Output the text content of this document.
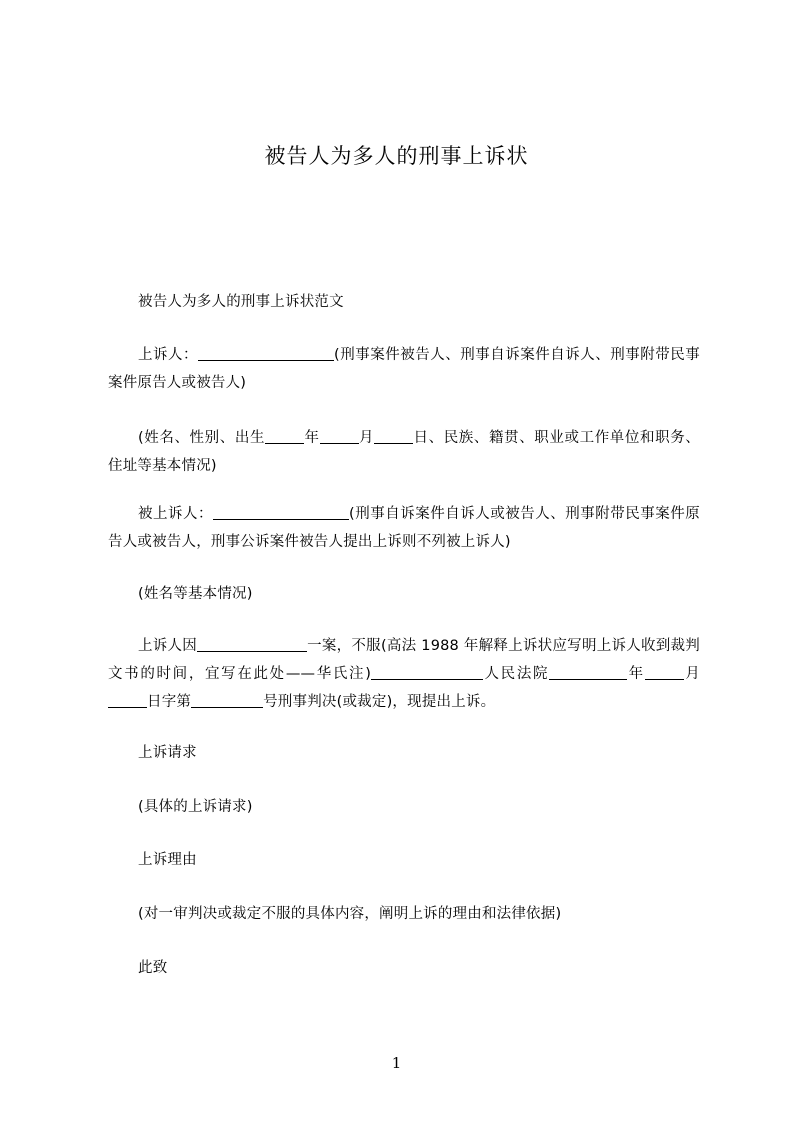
被告人为多人的刑事上诉状
被告人为多人的刑事上诉状范文
上诉人：	(刑事案件被告人、刑事自诉案件自诉人、刑事附带民事案件原告人或被告人)
(姓名、性别、出生	年	月	日、民族、籍贯、职业或工作单位和职务、住址等基本情况)
被上诉人：	(刑事自诉案件自诉人或被告人、刑事附带民事案件原告人或被告人，刑事公诉案件被告人提出上诉则不列被上诉人)
(姓名等基本情况)
上诉人因	一案，不服(高法 1988 年解释上诉状应写明上诉人收到裁判文书的时间，宜写在此处——华氏注)	人民法院	年	月日字第	号刑事判决(或裁定)，现提出上诉。
上诉请求
(具体的上诉请求)
上诉理由
(对一审判决或裁定不服的具体内容，阐明上诉的理由和法律依据)
此致
1
